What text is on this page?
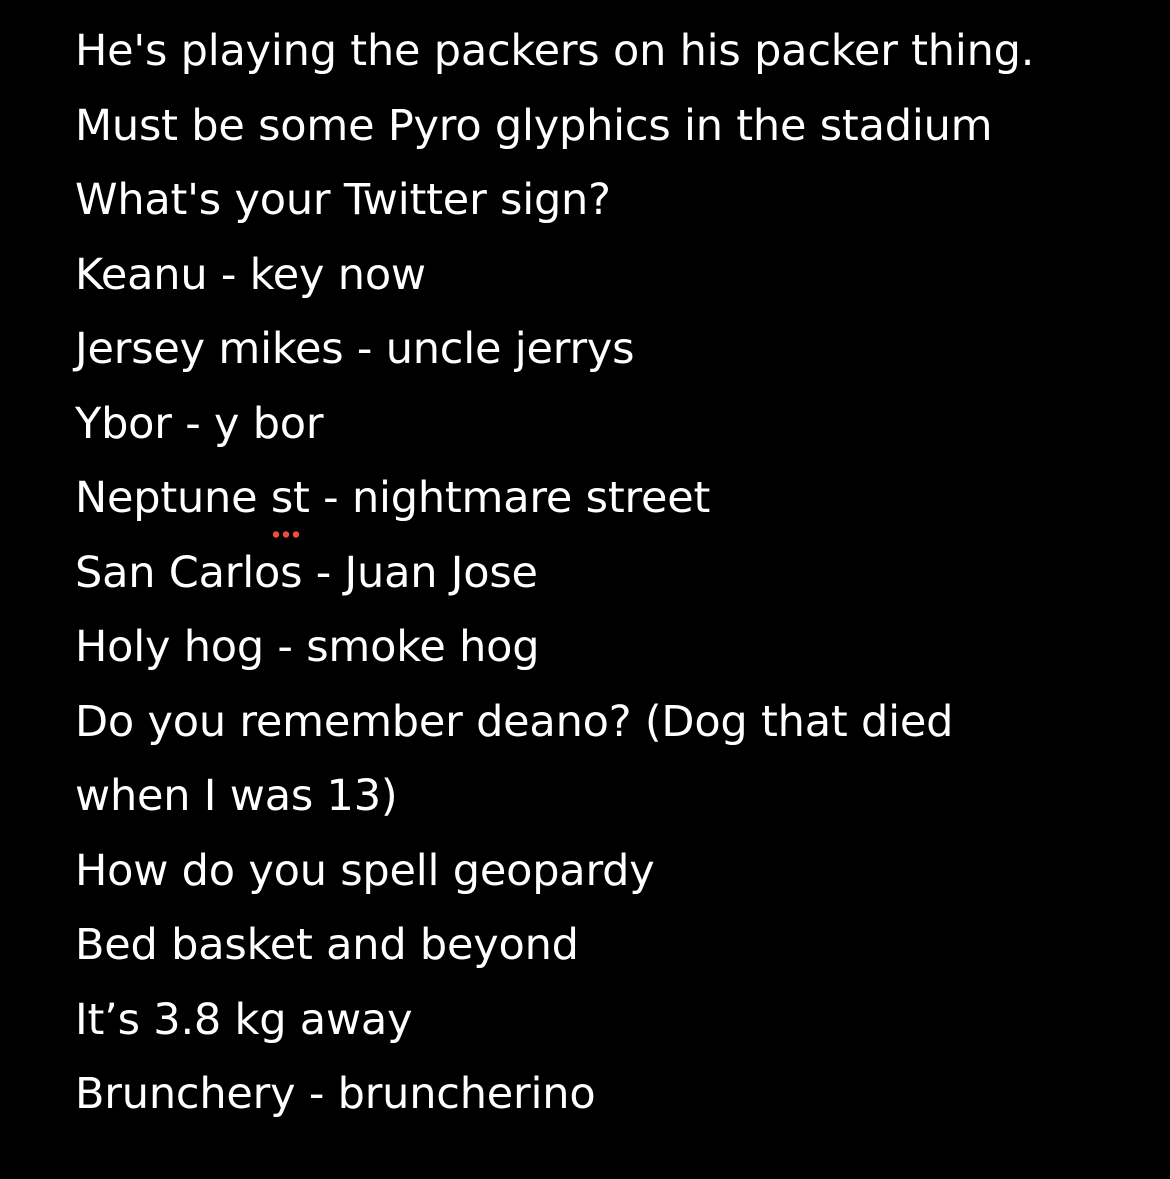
He's playing the packers on his packer thing.
Must be some Pyro glyphics in the stadium
What's your Twitter sign?
Keanu - key now
Jersey mikes - uncle jerrys
Ybor - y bor
Neptune st - nightmare street
San Carlos - Juan Jose
Holy hog - smoke hog
Do you remember deano? (Dog that died
when I was 13)
How do you spell geopardy
Bed basket and beyond
It’s 3.8 kg away
Brunchery - bruncherino
